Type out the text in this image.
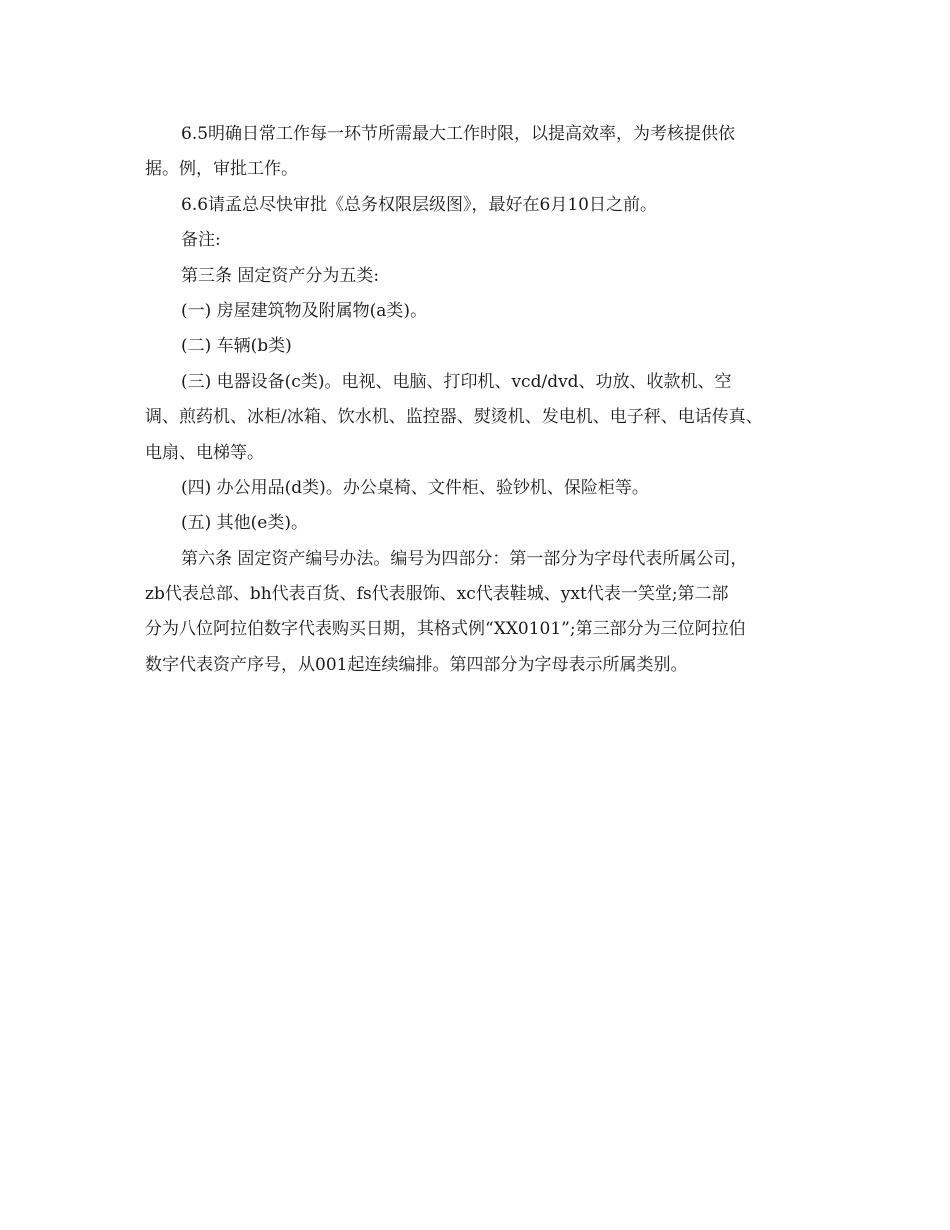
6.5明确日常工作每一环节所需最大工作时限，以提高效率，为考核提供依
据。例，审批工作。
6.6请孟总尽快审批《总务权限层级图》，最好在6月10日之前。
备注:
第三条 固定资产分为五类:
(一) 房屋建筑物及附属物(a类)。
(二) 车辆(b类)
(三) 电器设备(c类)。电视、电脑、打印机、vcd/dvd、功放、收款机、空
调、煎药机、冰柜/冰箱、饮水机、监控器、熨烫机、发电机、电子秤、电话传真、
电扇、电梯等。
(四) 办公用品(d类)。办公桌椅、文件柜、验钞机、保险柜等。
(五) 其他(e类)。
第六条 固定资产编号办法。编号为四部分：第一部分为字母代表所属公司，
zb代表总部、bh代表百货、fs代表服饰、xc代表鞋城、yxt代表一笑堂;第二部
分为八位阿拉伯数字代表购买日期，其格式例“XX0101”;第三部分为三位阿拉伯
数字代表资产序号，从001起连续编排。第四部分为字母表示所属类别。
